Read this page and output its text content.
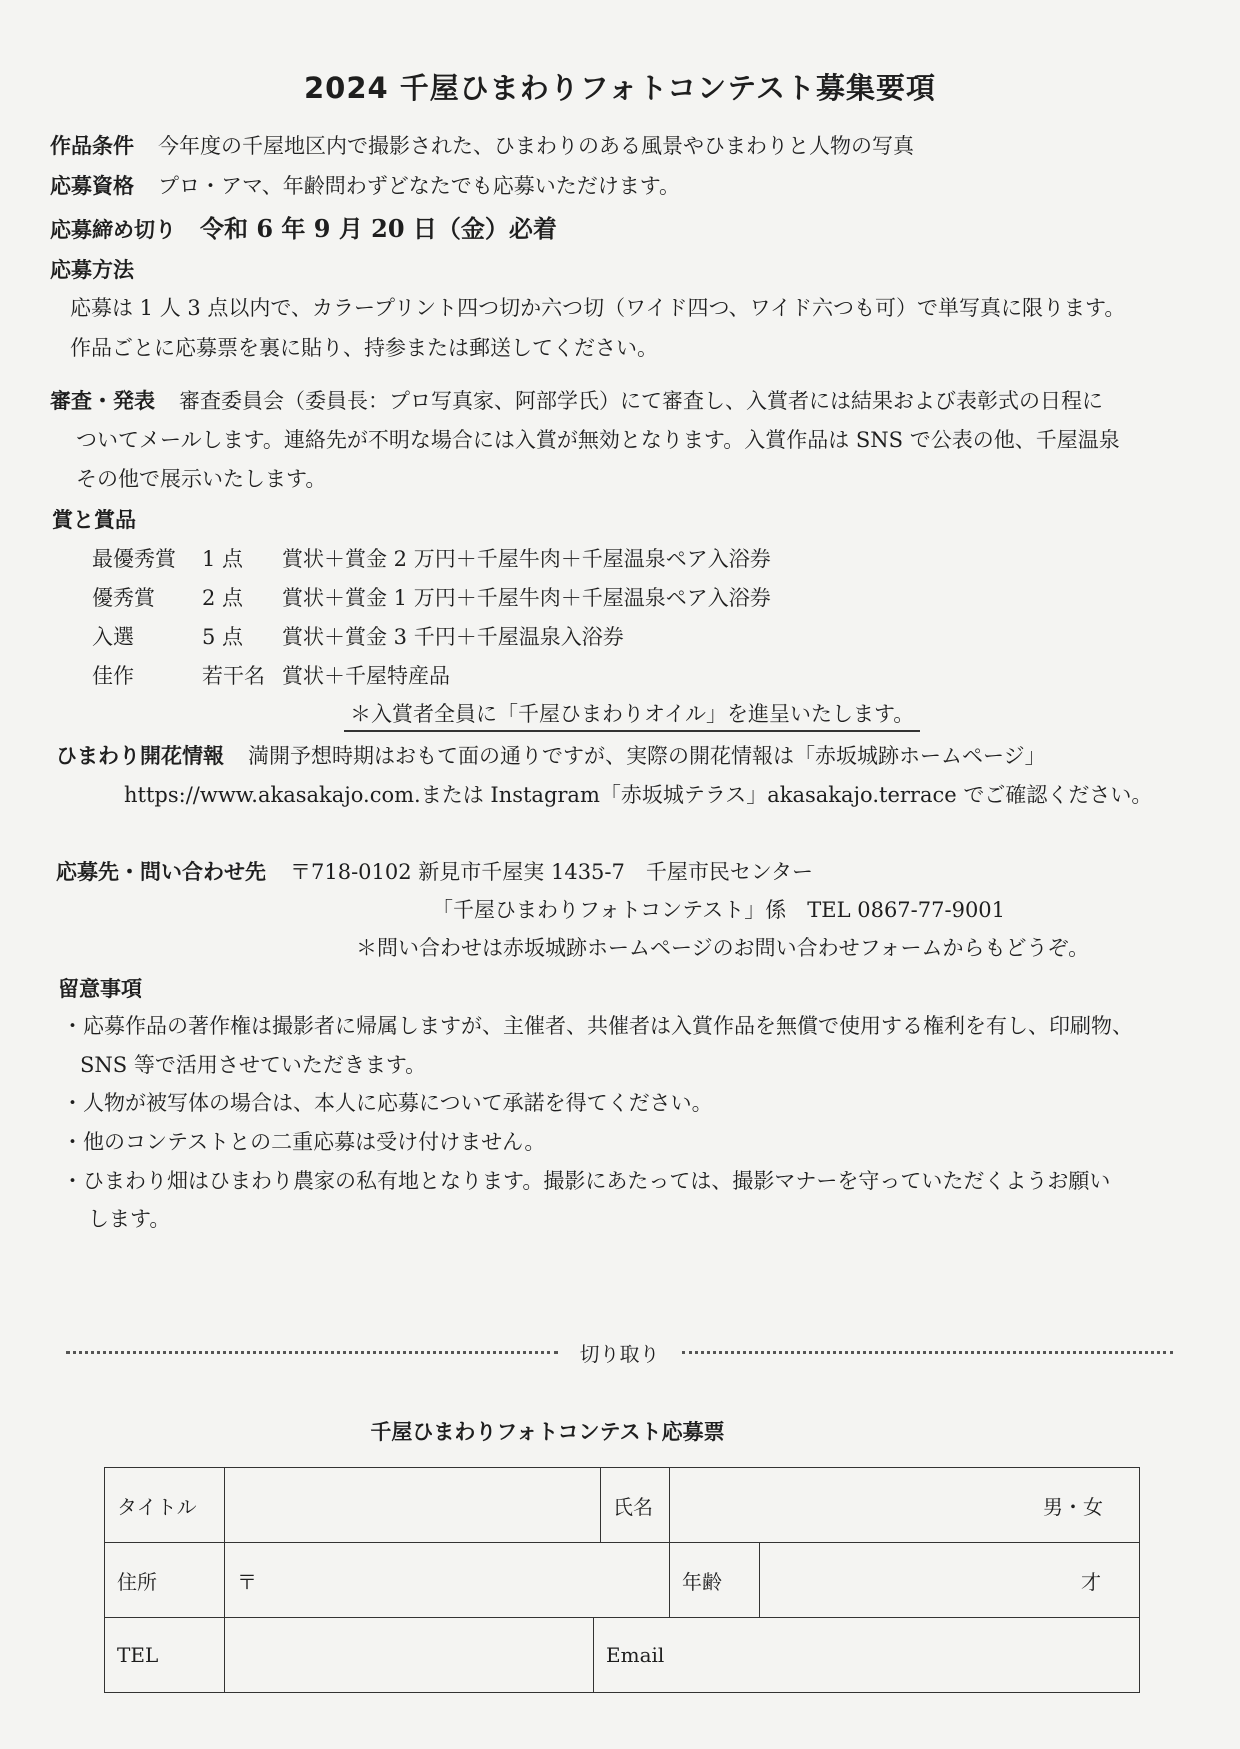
2024 千屋ひまわりフォトコンテスト募集要項
作品条件 今年度の千屋地区内で撮影された、ひまわりのある風景やひまわりと人物の写真
応募資格 プロ・アマ、年齢問わずどなたでも応募いただけます。
応募締め切り 令和 6 年 9 月 20 日（金）必着
応募方法
応募は 1 人 3 点以内で、カラープリント四つ切か六つ切（ワイド四つ、ワイド六つも可）で単写真に限ります。
作品ごとに応募票を裏に貼り、持参または郵送してください。
審査・発表 審査委員会（委員長：プロ写真家、阿部学氏）にて審査し、入賞者には結果および表彰式の日程に
ついてメールします。連絡先が不明な場合には入賞が無効となります。入賞作品は SNS で公表の他、千屋温泉
その他で展示いたします。
賞と賞品
最優秀賞 1 点 賞状＋賞金 2 万円＋千屋牛肉＋千屋温泉ペア入浴券
優秀賞 2 点 賞状＋賞金 1 万円＋千屋牛肉＋千屋温泉ペア入浴券
入選	5 点 賞状＋賞金 3 千円＋千屋温泉入浴券
佳作	若干名 賞状＋千屋特産品
＊入賞者全員に「千屋ひまわりオイル」を進呈いたします。
ひまわり開花情報 満開予想時期はおもて面の通りですが、実際の開花情報は「赤坂城跡ホームページ」
https://www.akasakajo.com.または Instagram「赤坂城テラス」akasakajo.terrace でご確認ください。
応募先・問い合わせ先 〒718-0102 新見市千屋実 1435-7　千屋市民センター
「千屋ひまわりフォトコンテスト」係　TEL 0867-77-9001
＊問い合わせは赤坂城跡ホームページのお問い合わせフォームからもどうぞ。
留意事項
・応募作品の著作権は撮影者に帰属しますが、主催者、共催者は入賞作品を無償で使用する権利を有し、印刷物、
SNS 等で活用させていただきます。
・人物が被写体の場合は、本人に応募について承諾を得てください。
・他のコンテストとの二重応募は受け付けません。
・ひまわり畑はひまわり農家の私有地となります。撮影にあたっては、撮影マナーを守っていただくようお願い
します。
切り取り
千屋ひまわりフォトコンテスト応募票
タイトル			氏名	男・女	
住所	〒			年齢	才
TEL		Email			
